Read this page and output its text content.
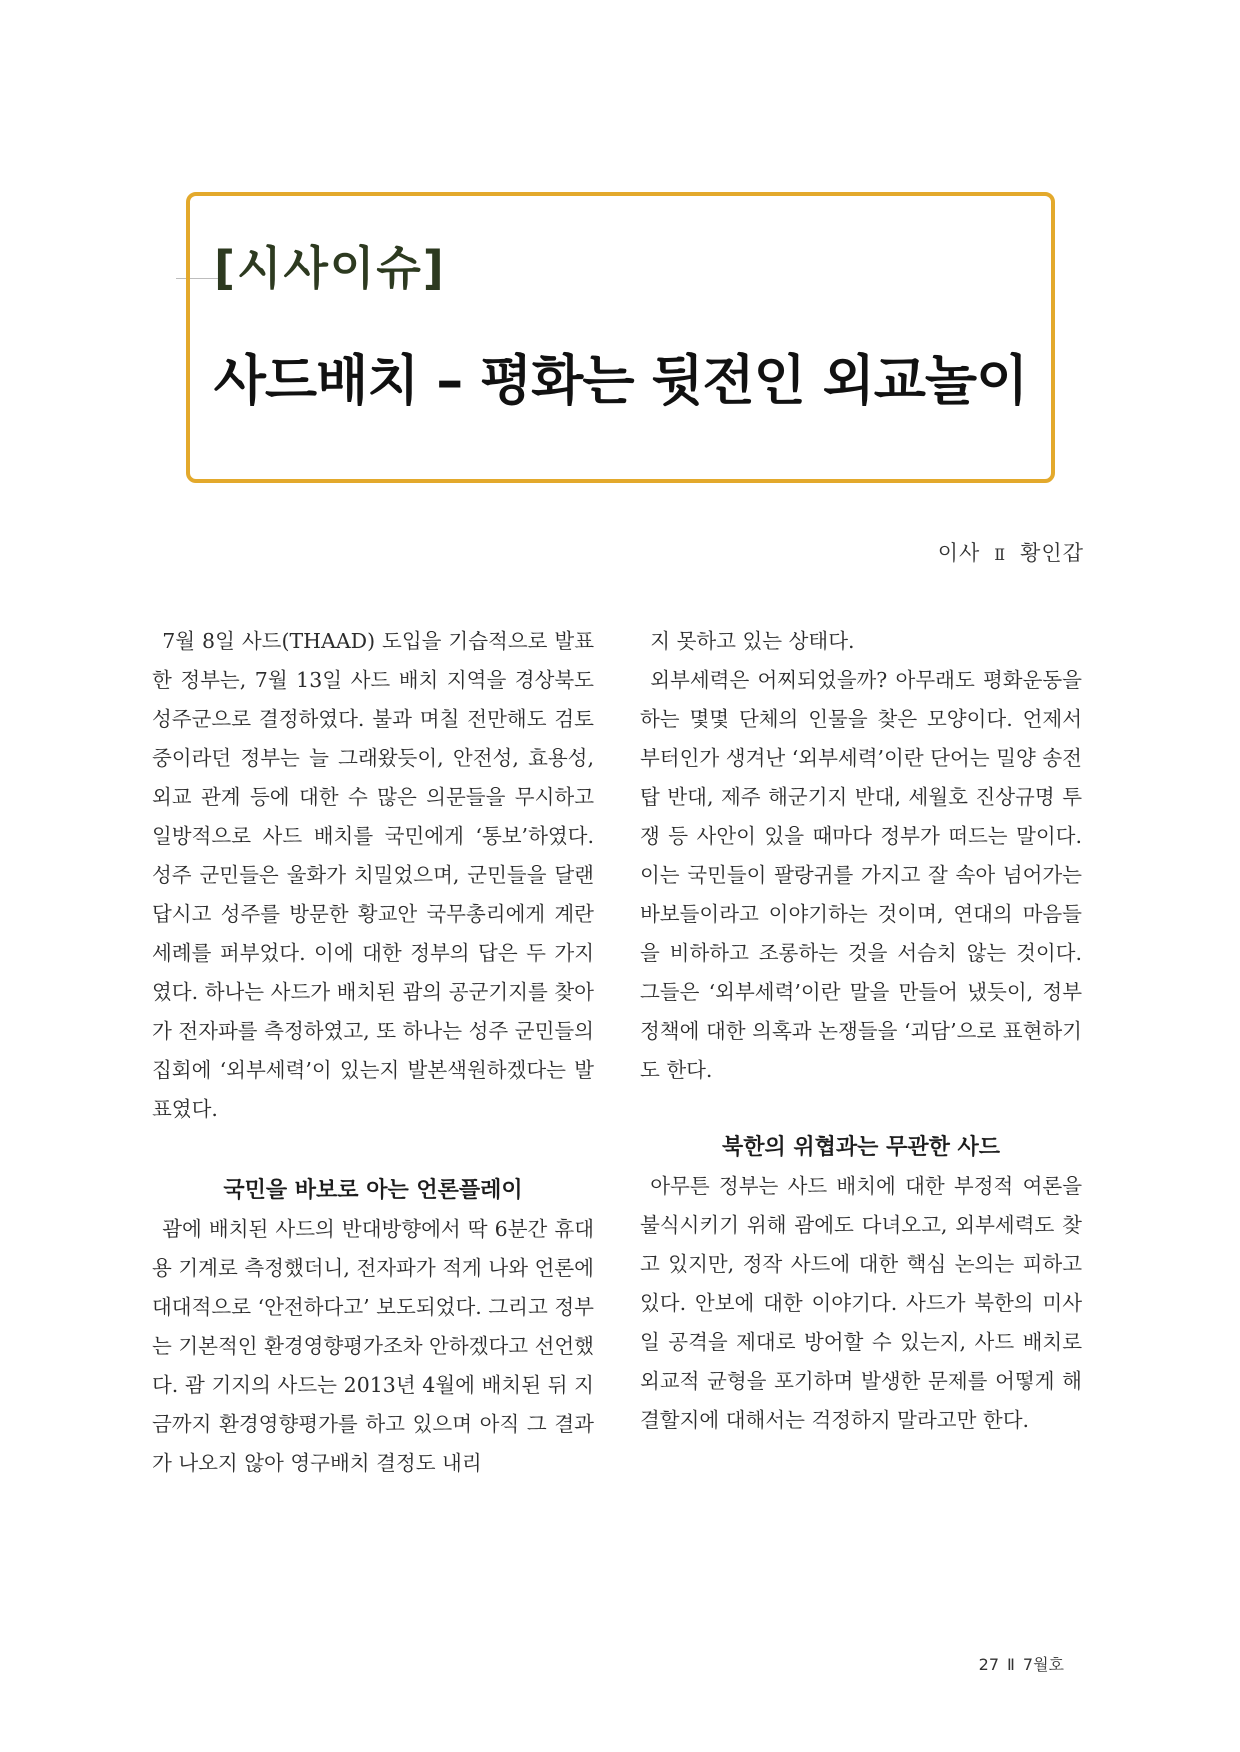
[시사이슈]
사드배치 – 평화는 뒷전인 외교놀이
이사 Ⅱ 황인갑

7월 8일 사드(THAAD) 도입을 기습적으로 발표한 정부는, 7월 13일 사드 배치 지역을 경상북도 성주군으로 결정하였다. 불과 며칠 전만해도 검토 중이라던 정부는 늘 그래왔듯이, 안전성, 효용성, 외교 관계 등에 대한 수 많은 의문들을 무시하고 일방적으로 사드 배치를 국민에게 ‘통보’하였다. 성주 군민들은 울화가 치밀었으며, 군민들을 달랜답시고 성주를 방문한 황교안 국무총리에게 계란 세례를 퍼부었다. 이에 대한 정부의 답은 두 가지였다. 하나는 사드가 배치된 괌의 공군기지를 찾아가 전자파를 측정하였고, 또 하나는 성주 군민들의 집회에 ‘외부세력’이 있는지 발본색원하겠다는 발표였다.

국민을 바보로 아는 언론플레이

괌에 배치된 사드의 반대방향에서 딱 6분간 휴대용 기계로 측정했더니, 전자파가 적게 나와 언론에 대대적으로 ‘안전하다고’ 보도되었다. 그리고 정부는 기본적인 환경영향평가조차 안하겠다고 선언했다. 괌 기지의 사드는 2013년 4월에 배치된 뒤 지금까지 환경영향평가를 하고 있으며 아직 그 결과가 나오지 않아 영구배치 결정도 내리

지 못하고 있는 상태다.

외부세력은 어찌되었을까? 아무래도 평화운동을 하는 몇몇 단체의 인물을 찾은 모양이다. 언제서 부터인가 생겨난 ‘외부세력’이란 단어는 밀양 송전탑 반대, 제주 해군기지 반대, 세월호 진상규명 투쟁 등 사안이 있을 때마다 정부가 떠드는 말이다. 이는 국민들이 팔랑귀를 가지고 잘 속아 넘어가는 바보들이라고 이야기하는 것이며, 연대의 마음들을 비하하고 조롱하는 것을 서슴치 않는 것이다. 그들은 ‘외부세력’이란 말을 만들어 냈듯이, 정부 정책에 대한 의혹과 논쟁들을 ‘괴담’으로 표현하기도 한다.

북한의 위협과는 무관한 사드

아무튼 정부는 사드 배치에 대한 부정적 여론을 불식시키기 위해 괌에도 다녀오고, 외부세력도 찾고 있지만, 정작 사드에 대한 핵심 논의는 피하고 있다. 안보에 대한 이야기다. 사드가 북한의 미사일 공격을 제대로 방어할 수 있는지, 사드 배치로 외교적 균형을 포기하며 발생한 문제를 어떻게 해결할지에 대해서는 걱정하지 말라고만 한다.

27 Ⅱ 7월호
